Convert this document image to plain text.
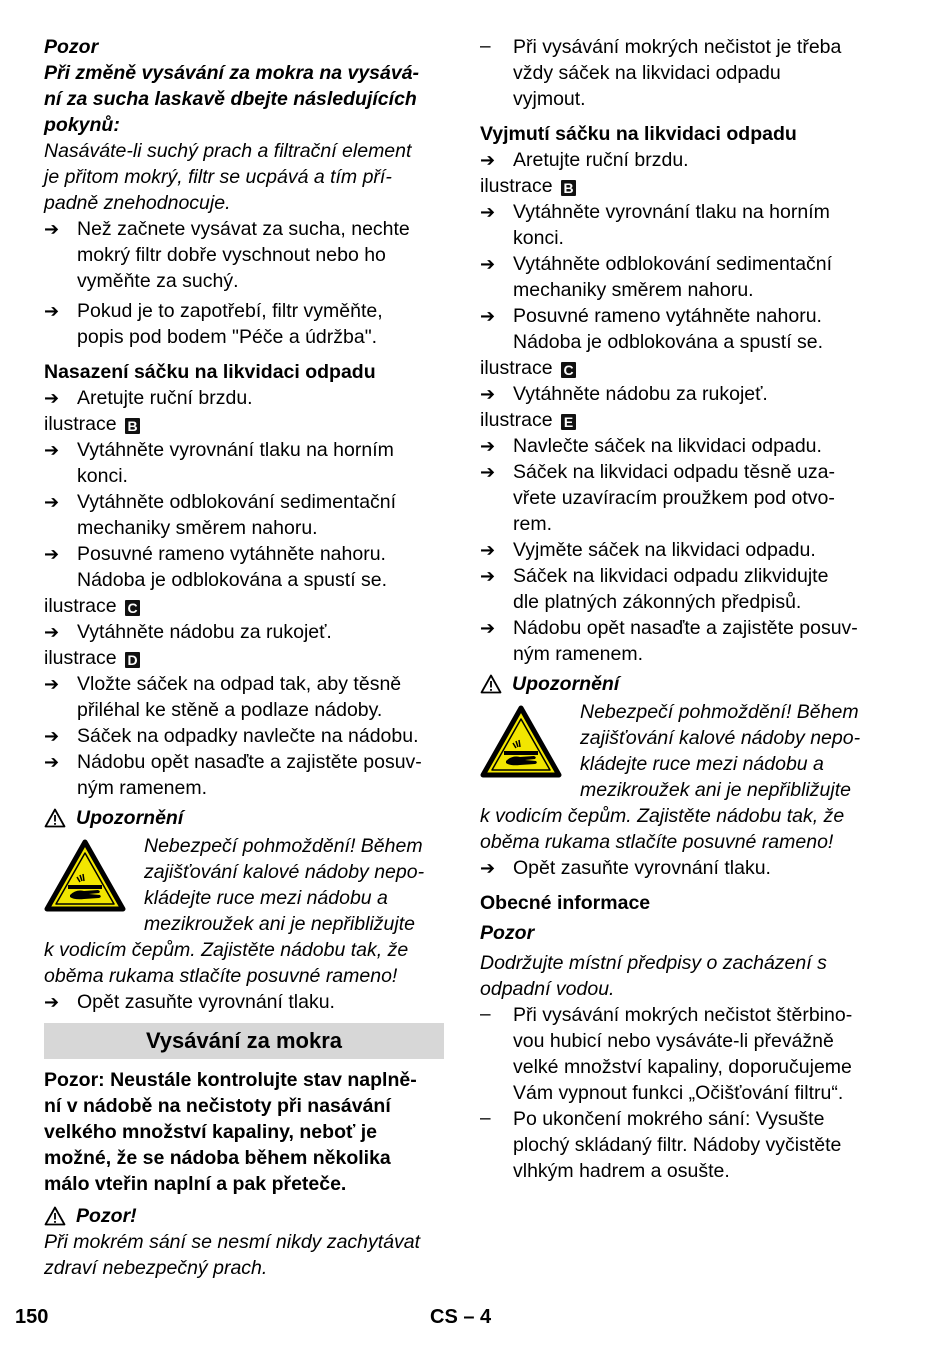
Pozor
Při změně vysávání za mokra na vysává-
ní za sucha laskavě dbejte následujících
pokynů:
Nasáváte-li suchý prach a filtrační element
je přitom mokrý, filtr se ucpává a tím pří-
padně znehodnocuje.
➔ Než začnete vysávat za sucha, nechte
mokrý filtr dobře vyschnout nebo ho
vyměňte za suchý.
➔ Pokud je to zapotřebí, filtr vyměňte,
popis pod bodem "Péče a údržba".
Nasazení sáčku na likvidaci odpadu
➔ Aretujte ruční brzdu.
ilustrace B
➔ Vytáhněte vyrovnání tlaku na horním
konci.
➔ Vytáhněte odblokování sedimentační
mechaniky směrem nahoru.
➔ Posuvné rameno vytáhněte nahoru.
Nádoba je odblokována a spustí se.
ilustrace C
➔ Vytáhněte nádobu za rukojeť.
ilustrace D
➔ Vložte sáček na odpad tak, aby těsně
přiléhal ke stěně a podlaze nádoby.
➔ Sáček na odpadky navlečte na nádobu.
➔ Nádobu opět nasaďte a zajistěte posuv-
ným ramenem.
Upozornění
Nebezpečí pohmoždění! Během
zajišťování kalové nádoby nepo-
kládejte ruce mezi nádobu a
mezikroužek ani je nepřibližujte
k vodicím čepům. Zajistěte nádobu tak, že
oběma rukama stlačíte posuvné rameno!
➔ Opět zasuňte vyrovnání tlaku.
Vysávání za mokra
Pozor: Neustále kontrolujte stav naplně-
ní v nádobě na nečistoty při nasávání
velkého množství kapaliny, neboť je
možné, že se nádoba během několika
málo vteřin naplní a pak přeteče.
Pozor!
Při mokrém sání se nesmí nikdy zachytávat
zdraví nebezpečný prach.
–	Při vysávání mokrých nečistot je třeba
vždy sáček na likvidaci odpadu
vyjmout.
Vyjmutí sáčku na likvidaci odpadu
➔ Aretujte ruční brzdu.
ilustrace B
➔ Vytáhněte vyrovnání tlaku na horním
konci.
➔ Vytáhněte odblokování sedimentační
mechaniky směrem nahoru.
➔ Posuvné rameno vytáhněte nahoru.
Nádoba je odblokována a spustí se.
ilustrace C
➔ Vytáhněte nádobu za rukojeť.
ilustrace E
➔ Navlečte sáček na likvidaci odpadu.
➔ Sáček na likvidaci odpadu těsně uza-
vřete uzavíracím proužkem pod otvo-
rem.
➔ Vyjměte sáček na likvidaci odpadu.
➔ Sáček na likvidaci odpadu zlikvidujte
dle platných zákonných předpisů.
➔ Nádobu opět nasaďte a zajistěte posuv-
ným ramenem.
Upozornění
Nebezpečí pohmoždění! Během
zajišťování kalové nádoby nepo-
kládejte ruce mezi nádobu a
mezikroužek ani je nepřibližujte
k vodicím čepům. Zajistěte nádobu tak, že
oběma rukama stlačíte posuvné rameno!
➔ Opět zasuňte vyrovnání tlaku.
Obecné informace
Pozor
Dodržujte místní předpisy o zacházení s
odpadní vodou.
–	Při vysávání mokrých nečistot štěrbino-
vou hubicí nebo vysáváte-li převážně
velké množství kapaliny, doporučujeme
Vám vypnout funkci „Očišťování filtru“.
–	Po ukončení mokrého sání: Vysušte
plochý skládaný filtr. Nádoby vyčistěte
vlhkým hadrem a osušte.
150	CS – 4
